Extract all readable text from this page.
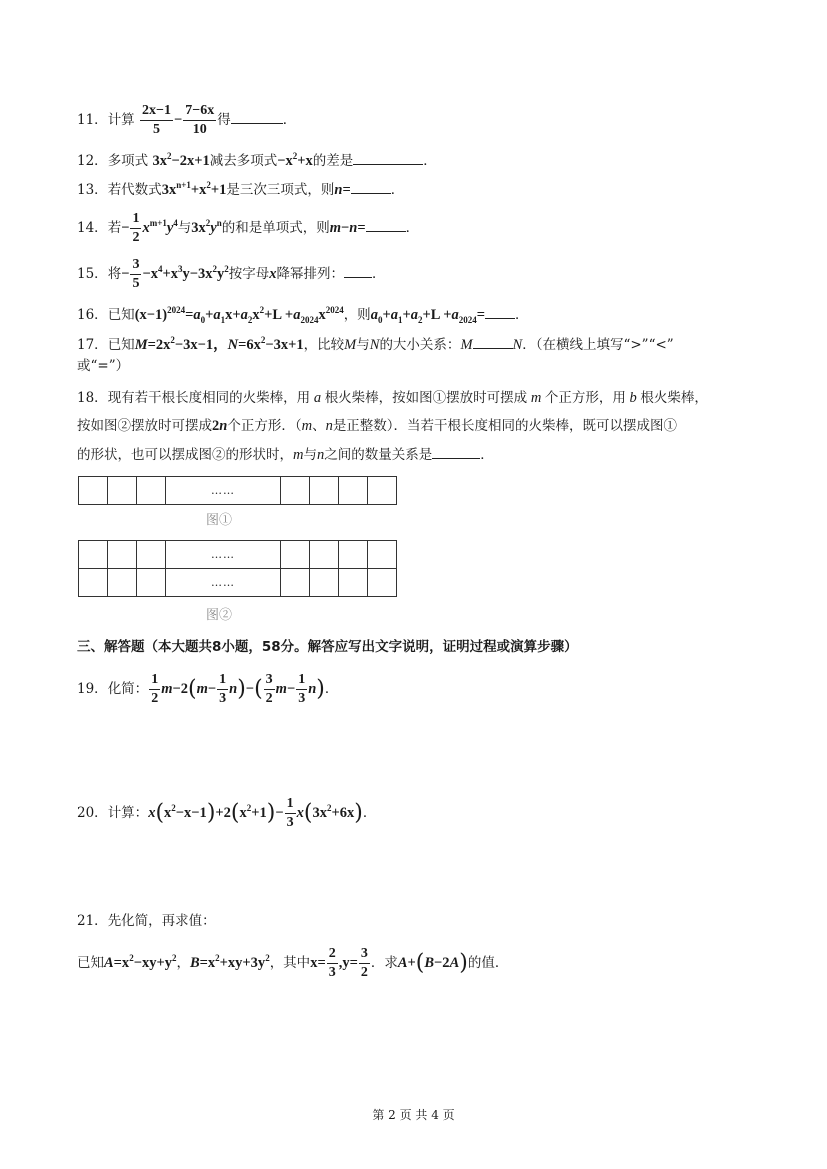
11．计算 $\frac{2x-1}{5} - \frac{7-6x}{10}$ 得	．
12．多项式 $3x^2-2x+1$减去多项式$-x^2+x$的差是	．
13．若代数式$3x^{n+1}+x^2+1$是三次三项式，则n=	．
14．若− $\frac{1}{2} x^{m+1}y^4$与$3x^2y^n$的和是单项式，则m−n=	．
15．将− $\frac{3}{5} -x^4+x^3y-3x^2y^2$按字母x降幂排列： ．
16．已知$(x-1)^{2024}=a_0+a_1x+a_2x^2+L +a_{2024}x^{2024}$，则$a_0+a_1+a_2+L +a_{2024}=$ ．
17．已知$M=2x^2-3x-1$，$N=6x^2-3x+1$，比较M与N的大小关系：M	N．（在横线上填写“>”“<”
或“=”）
18．现有若干根长度相同的火柴棒，用 a 根火柴棒，按如图①摆放时可摆成 m 个正方形，用 b 根火柴棒，
按如图②摆放时可摆成2n个正方形．（m、n是正整数）．当若干根长度相同的火柴棒，既可以摆成图①
的形状，也可以摆成图②的形状时，m与n之间的数量关系是	．
			……				
图①
			……				
			……				
图②
三、解答题（本大题共8小题，58分。解答应写出文字说明，证明过程或演算步骤）
19．化简： $\frac{1}{2} m-2(m- \frac{1}{3} n)-( \frac{3}{2} m- \frac{1}{3} n)$．
20．计算：$x(x^2-x-1)+2(x^2+1)- \frac{1}{3} x(3x^2+6x)$．
21．先化简，再求值：
已知$A=x^2-xy+y^2$，$B=x^2+xy+3y^2$，其中$x= \frac{2}{3} ,y= \frac{3}{2}$ ．求A+(B−2A)的值．
第 2 页 共 4 页
